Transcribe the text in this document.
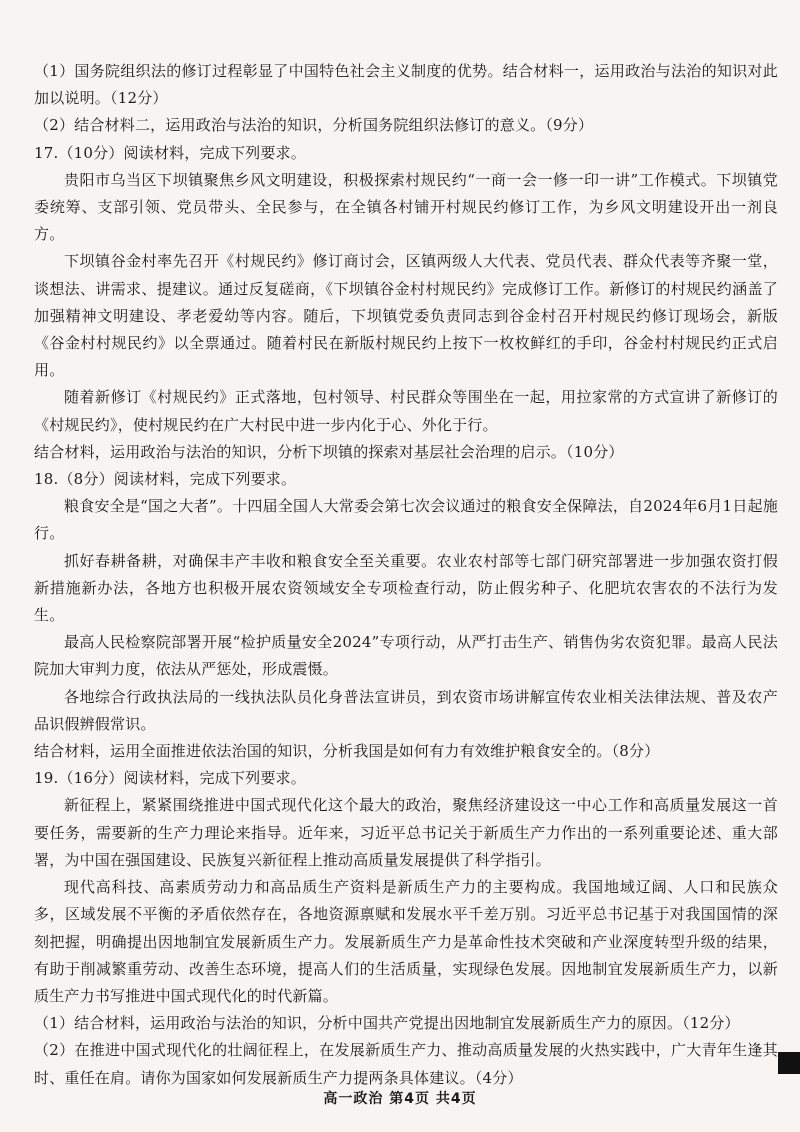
（1）国务院组织法的修订过程彰显了中国特色社会主义制度的优势。结合材料一，运用政治与法治的知识对此加以说明。（12分）

（2）结合材料二，运用政治与法治的知识，分析国务院组织法修订的意义。（9分）

17.（10分）阅读材料，完成下列要求。

贵阳市乌当区下坝镇聚焦乡风文明建设，积极探索村规民约“一商一会一修一印一讲”工作模式。下坝镇党委统筹、支部引领、党员带头、全民参与，在全镇各村铺开村规民约修订工作，为乡风文明建设开出一剂良方。

下坝镇谷金村率先召开《村规民约》修订商讨会，区镇两级人大代表、党员代表、群众代表等齐聚一堂，谈想法、讲需求、提建议。通过反复磋商，《下坝镇谷金村村规民约》完成修订工作。新修订的村规民约涵盖了加强精神文明建设、孝老爱幼等内容。随后，下坝镇党委负责同志到谷金村召开村规民约修订现场会，新版《谷金村村规民约》以全票通过。随着村民在新版村规民约上按下一枚枚鲜红的手印，谷金村村规民约正式启用。

随着新修订《村规民约》正式落地，包村领导、村民群众等围坐在一起，用拉家常的方式宣讲了新修订的《村规民约》，使村规民约在广大村民中进一步内化于心、外化于行。

结合材料，运用政治与法治的知识，分析下坝镇的探索对基层社会治理的启示。（10分）

18.（8分）阅读材料，完成下列要求。

粮食安全是“国之大者”。十四届全国人大常委会第七次会议通过的粮食安全保障法，自2024年6月1日起施行。

抓好春耕备耕，对确保丰产丰收和粮食安全至关重要。农业农村部等七部门研究部署进一步加强农资打假新措施新办法，各地方也积极开展农资领域安全专项检查行动，防止假劣种子、化肥坑农害农的不法行为发生。

最高人民检察院部署开展“检护质量安全2024”专项行动，从严打击生产、销售伪劣农资犯罪。最高人民法院加大审判力度，依法从严惩处，形成震慑。

各地综合行政执法局的一线执法队员化身普法宣讲员，到农资市场讲解宣传农业相关法律法规、普及农产品识假辨假常识。

结合材料，运用全面推进依法治国的知识，分析我国是如何有力有效维护粮食安全的。（8分）

19.（16分）阅读材料，完成下列要求。

新征程上，紧紧围绕推进中国式现代化这个最大的政治，聚焦经济建设这一中心工作和高质量发展这一首要任务，需要新的生产力理论来指导。近年来，习近平总书记关于新质生产力作出的一系列重要论述、重大部署，为中国在强国建设、民族复兴新征程上推动高质量发展提供了科学指引。

现代高科技、高素质劳动力和高品质生产资料是新质生产力的主要构成。我国地域辽阔、人口和民族众多，区域发展不平衡的矛盾依然存在，各地资源禀赋和发展水平千差万别。习近平总书记基于对我国国情的深刻把握，明确提出因地制宜发展新质生产力。发展新质生产力是革命性技术突破和产业深度转型升级的结果，有助于削减繁重劳动、改善生态环境，提高人们的生活质量，实现绿色发展。因地制宜发展新质生产力，以新质生产力书写推进中国式现代化的时代新篇。

（1）结合材料，运用政治与法治的知识，分析中国共产党提出因地制宜发展新质生产力的原因。（12分）

（2）在推进中国式现代化的壮阔征程上，在发展新质生产力、推动高质量发展的火热实践中，广大青年生逢其时、重任在肩。请你为国家如何发展新质生产力提两条具体建议。（4分）

高一政治 第4页 共4页
